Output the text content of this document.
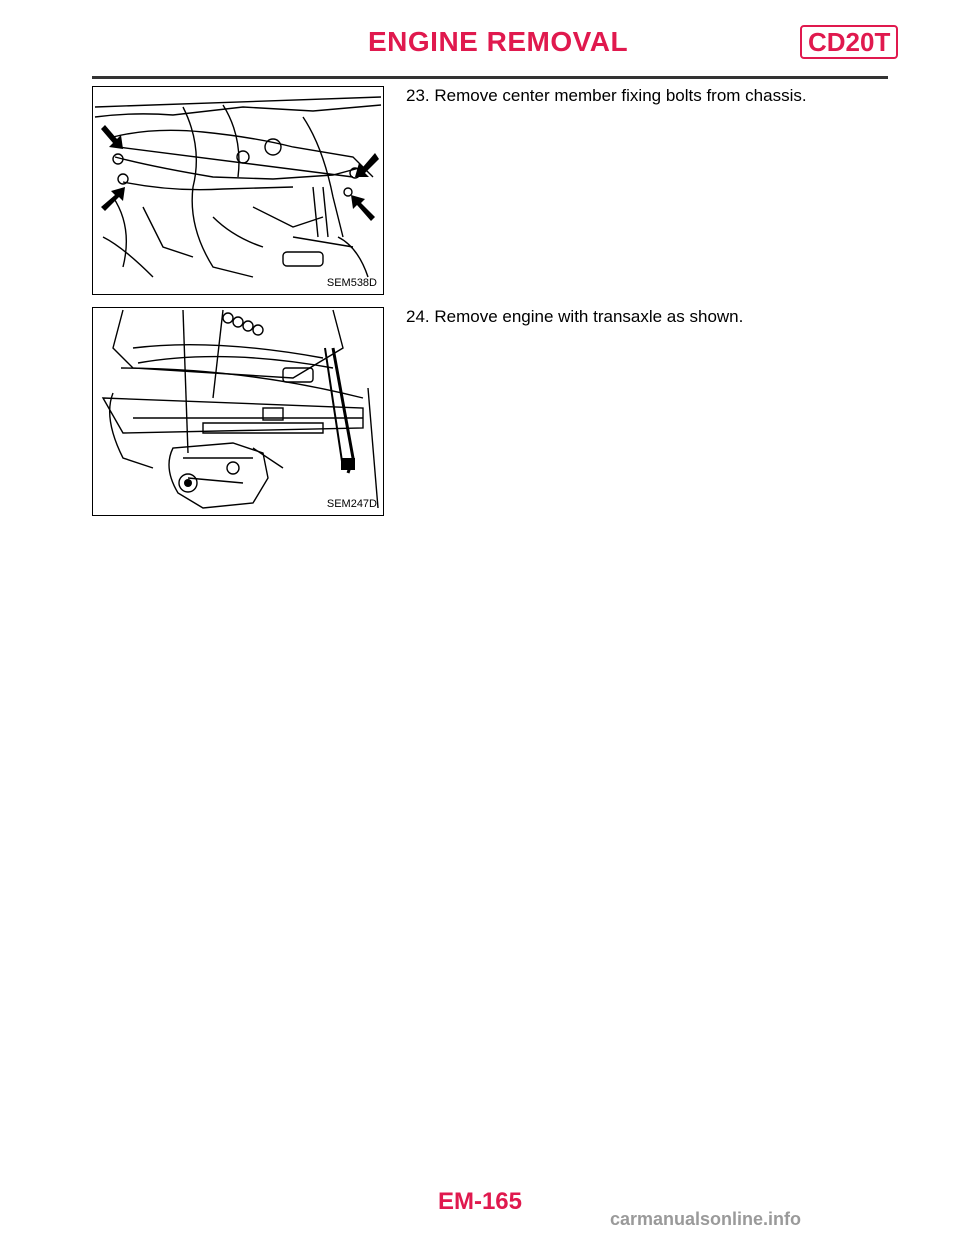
ENGINE REMOVAL	CD20T
SEM538D
23. Remove center member fixing bolts from chassis.
SEM247D
24. Remove engine with transaxle as shown.
EM-165
carmanualsonline.info
